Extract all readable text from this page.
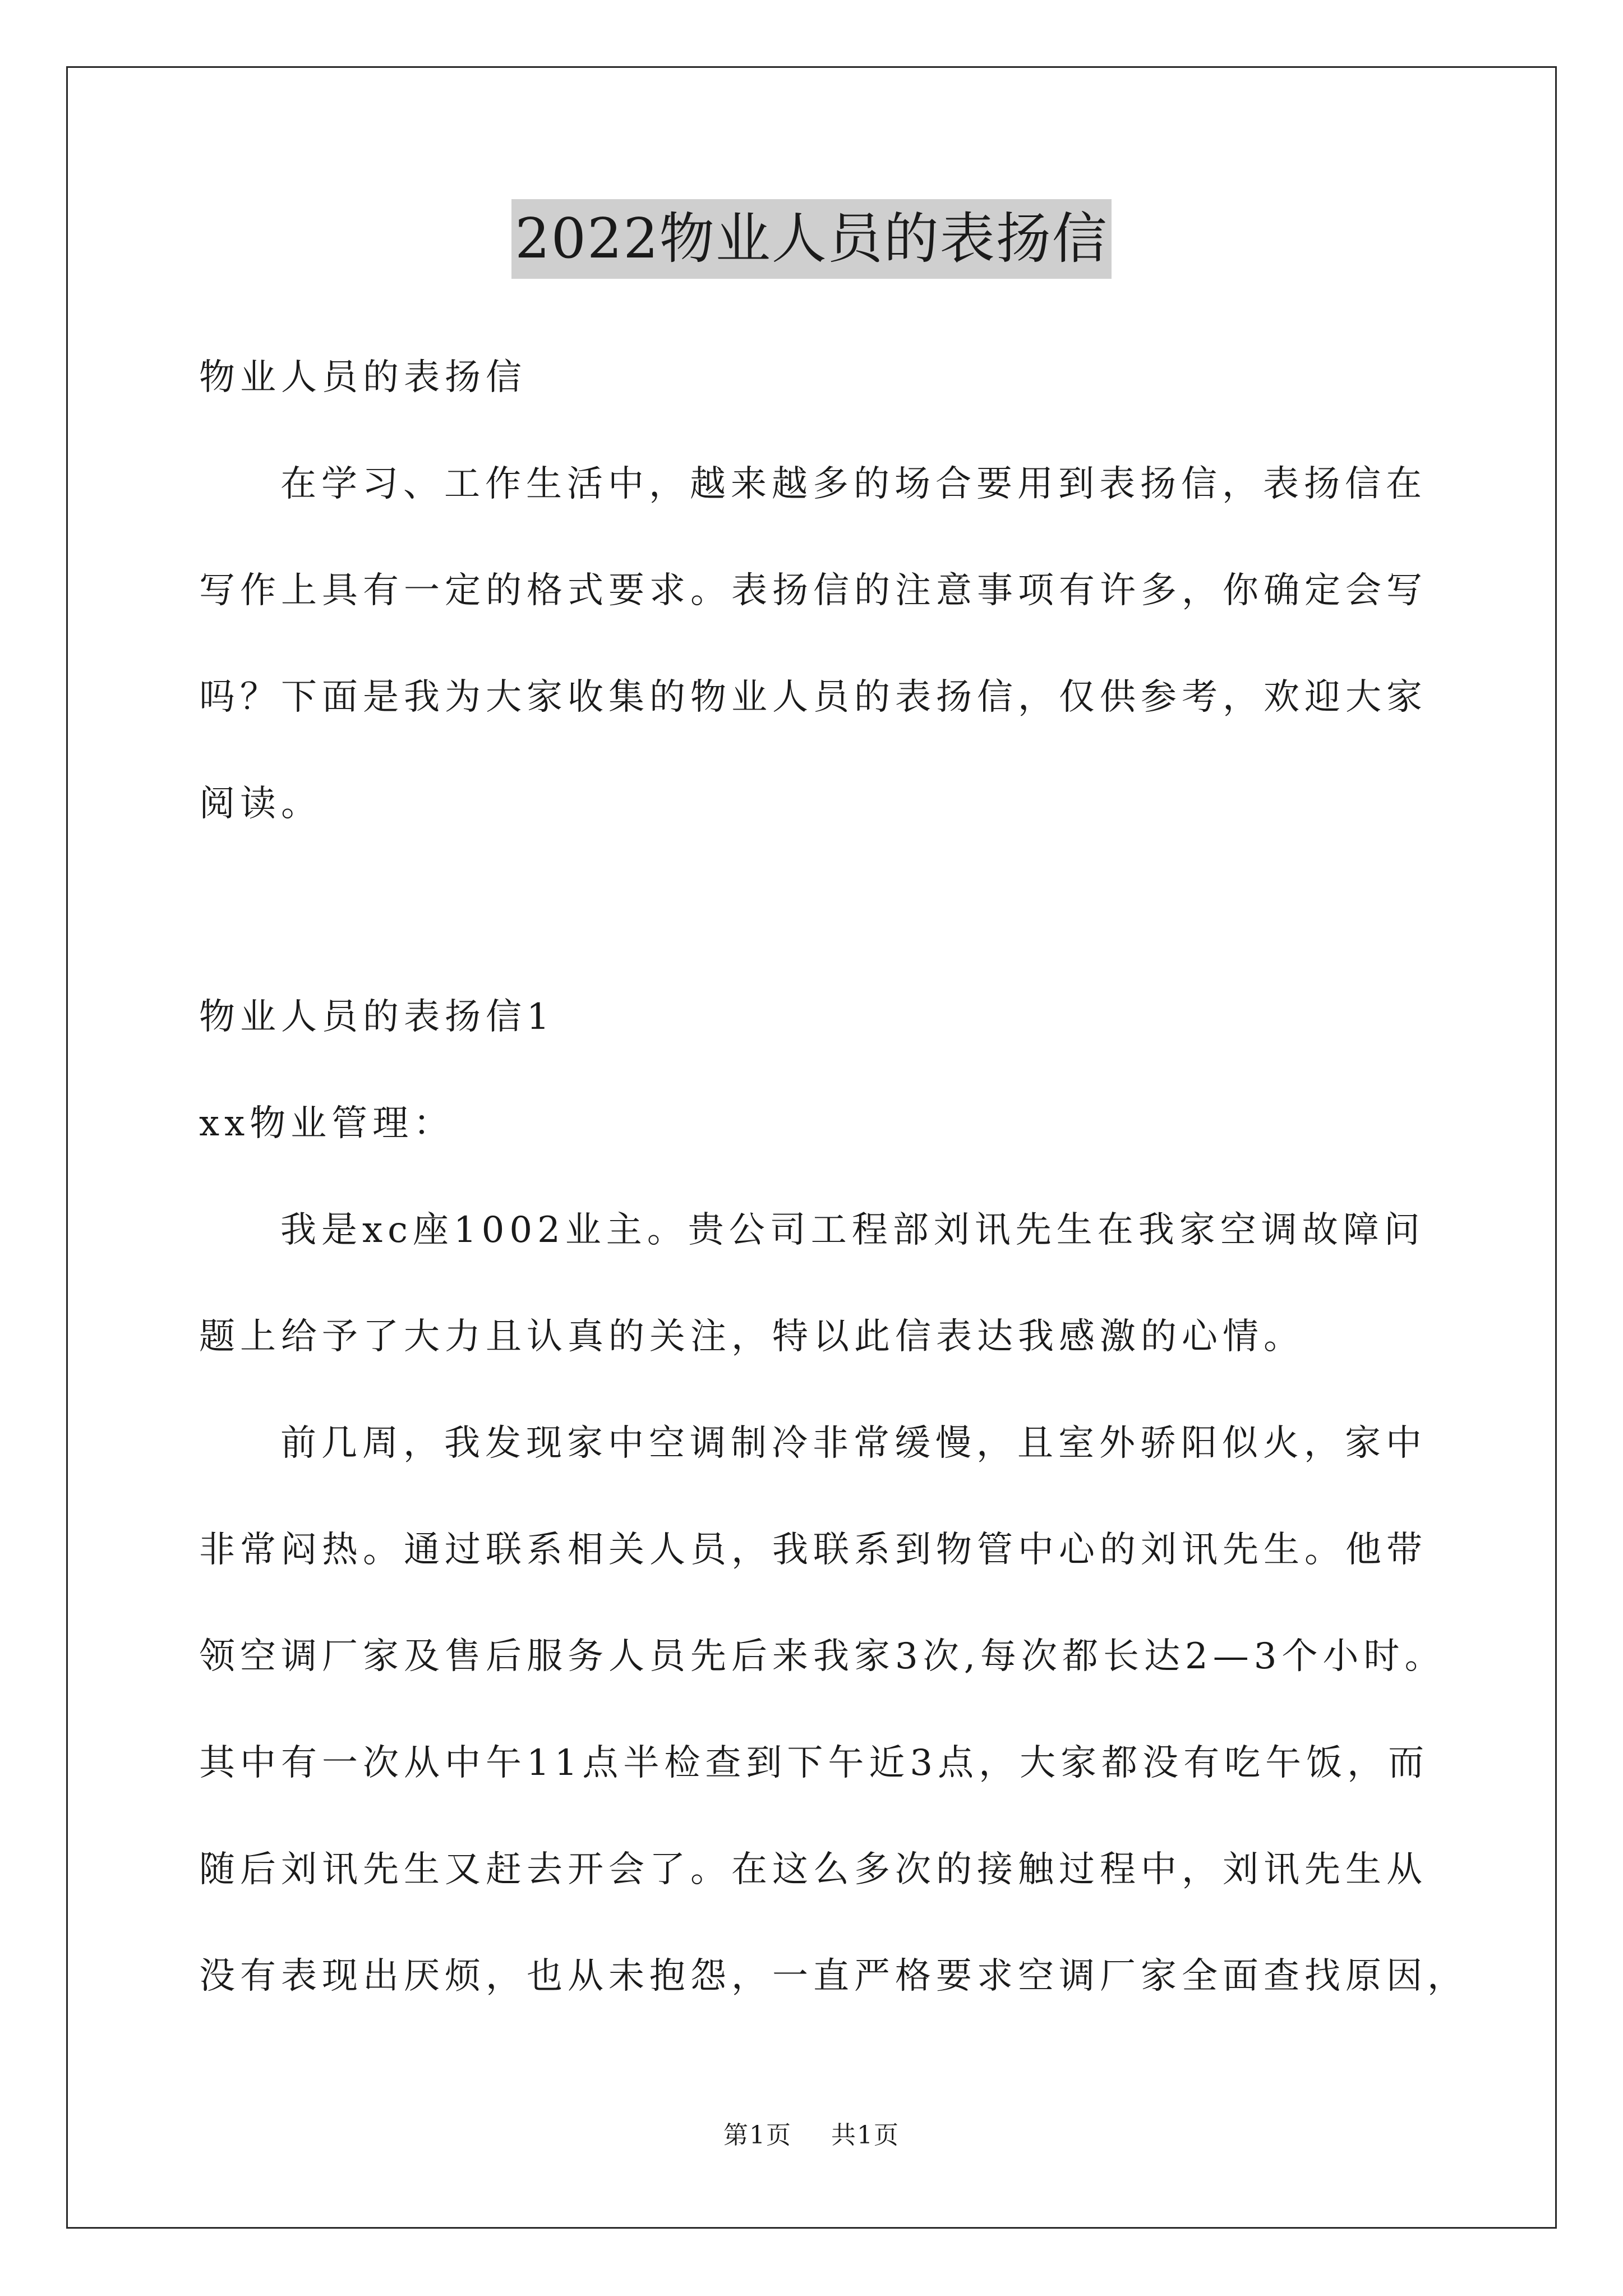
2022物业人员的表扬信
物业人员的表扬信
在学习、工作生活中，越来越多的场合要用到表扬信，表扬信在
写作上具有一定的格式要求。表扬信的注意事项有许多，你确定会写
吗？下面是我为大家收集的物业人员的表扬信，仅供参考，欢迎大家
阅读。
物业人员的表扬信1
xx物业管理：
我是xc座1002业主。贵公司工程部刘讯先生在我家空调故障问
题上给予了大力且认真的关注，特以此信表达我感激的心情。
前几周，我发现家中空调制冷非常缓慢，且室外骄阳似火，家中
非常闷热。通过联系相关人员，我联系到物管中心的刘讯先生。他带
领空调厂家及售后服务人员先后来我家3次,每次都长达2—3个小时。
其中有一次从中午11点半检查到下午近3点，大家都没有吃午饭，而
随后刘讯先生又赶去开会了。在这么多次的接触过程中，刘讯先生从
没有表现出厌烦，也从未抱怨，一直严格要求空调厂家全面查找原因，
第1页 共1页
